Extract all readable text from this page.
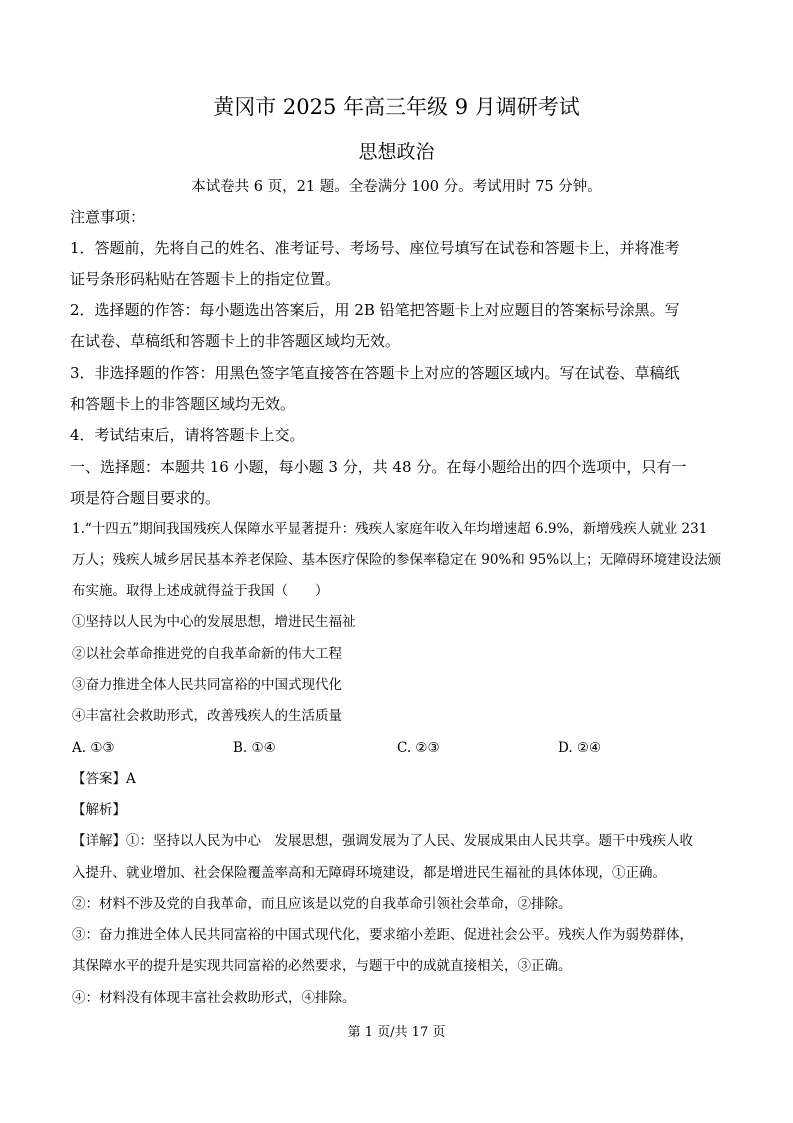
黄冈市 2025 年高三年级 9 月调研考试
思想政治
本试卷共 6 页，21 题。全卷满分 100 分。考试用时 75 分钟。
注意事项：
1．答题前，先将自己的姓名、准考证号、考场号、座位号填写在试卷和答题卡上，并将准考
证号条形码粘贴在答题卡上的指定位置。
2．选择题的作答：每小题选出答案后，用 2B 铅笔把答题卡上对应题目的答案标号涂黑。写
在试卷、草稿纸和答题卡上的非答题区域均无效。
3．非选择题的作答：用黑色签字笔直接答在答题卡上对应的答题区域内。写在试卷、草稿纸
和答题卡上的非答题区域均无效。
4．考试结束后，请将答题卡上交。
一、选择题：本题共 16 小题，每小题 3 分，共 48 分。在每小题给出的四个选项中，只有一
项是符合题目要求的。
1.“十四五”期间我国残疾人保障水平显著提升：残疾人家庭年收入年均增速超 6.9%，新增残疾人就业 231
万人；残疾人城乡居民基本养老保险、基本医疗保险的参保率稳定在 90%和 95%以上；无障碍环境建设法颁
布实施。取得上述成就得益于我国（　　）
①坚持以人民为中心的发展思想，增进民生福祉
②以社会革命推进党的自我革命新的伟大工程
③奋力推进全体人民共同富裕的中国式现代化
④丰富社会救助形式，改善残疾人的生活质量
A. ①③	B. ①④	C. ②③	D. ②④
【答案】A
【解析】
【详解】①：坚持以人民为中心　发展思想，强调发展为了人民、发展成果由人民共享。题干中残疾人收
入提升、就业增加、社会保险覆盖率高和无障碍环境建设，都是增进民生福祉的具体体现，①正确。
②：材料不涉及党的自我革命，而且应该是以党的自我革命引领社会革命，②排除。
③：奋力推进全体人民共同富裕的中国式现代化，要求缩小差距、促进社会公平。残疾人作为弱势群体，
其保障水平的提升是实现共同富裕的必然要求，与题干中的成就直接相关，③正确。
④：材料没有体现丰富社会救助形式，④排除。
第 1 页/共 17 页
